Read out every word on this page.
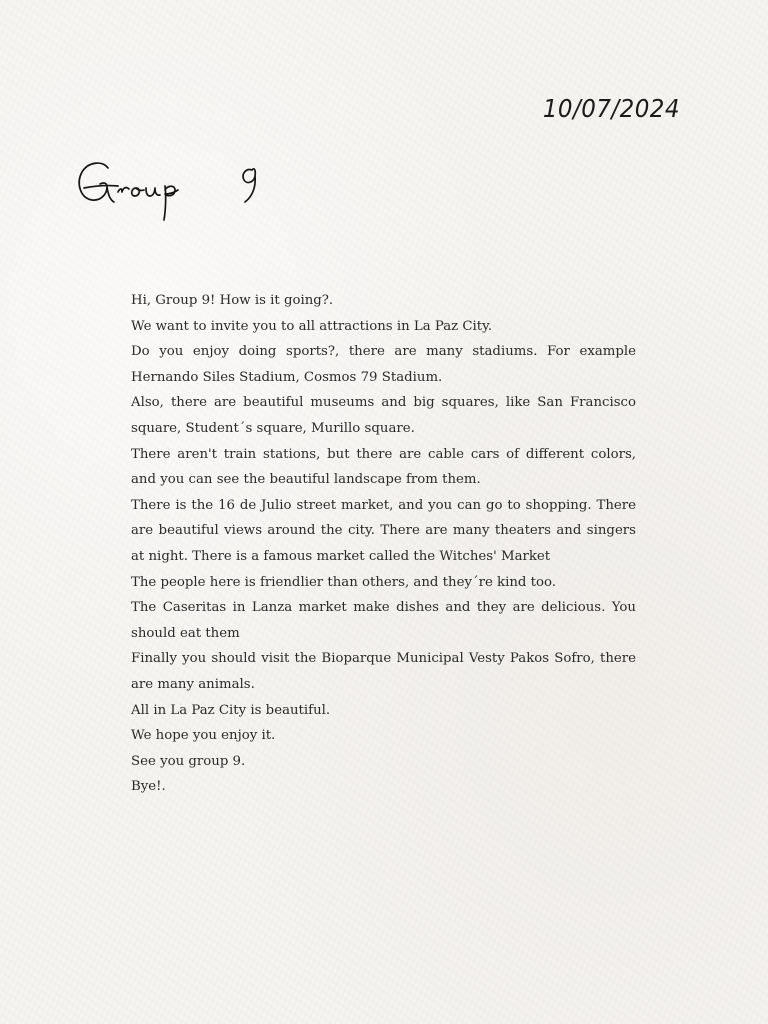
10/07/2024

Hi, Group 9! How is it going?.

We want to invite you to all attractions in La Paz City.

Do you enjoy doing sports?, there are many stadiums. For example Hernando Siles Stadium, Cosmos 79 Stadium.

Also, there are beautiful museums and big squares, like San Francisco square, Student´s square, Murillo square.

There aren't train stations, but there are cable cars of different colors, and you can see the beautiful landscape from them.

There is the 16 de Julio street market, and you can go to shopping. There are beautiful views around the city. There are many theaters and singers at night. There is a famous market called the Witches' Market

The people here is friendlier than others, and they´re kind too.

The Caseritas in Lanza market make dishes and they are delicious. You should eat them

Finally you should visit the Bioparque Municipal Vesty Pakos Sofro, there are many animals.

All in La Paz City is beautiful.

We hope you enjoy it.

See you group 9.

Bye!.
